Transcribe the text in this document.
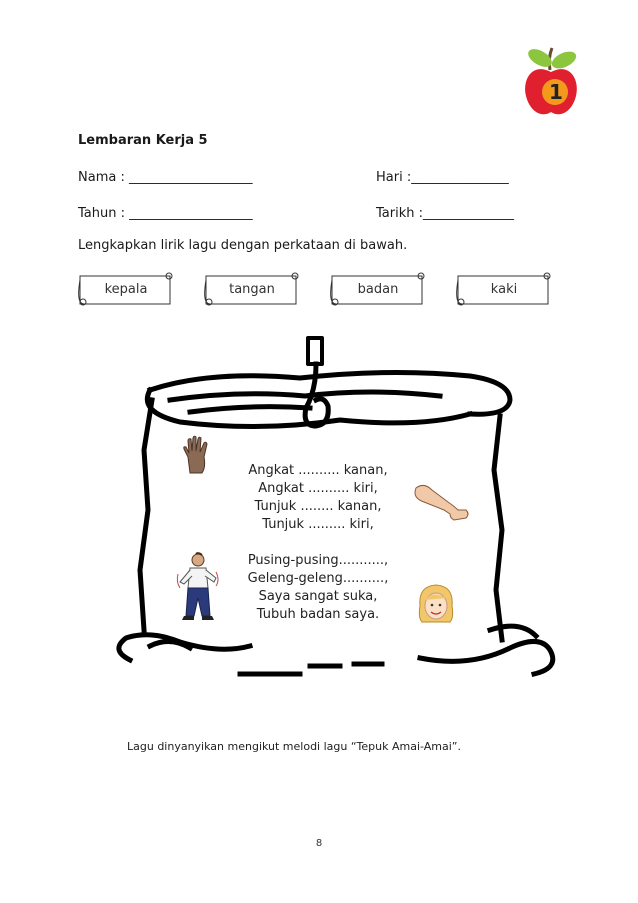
1
Lembaran Kerja 5
Nama : ___________________	Hari :_______________
Tahun : ___________________	Tarikh :______________
Lengkapkan lirik lagu dengan perkataan di bawah.
kepala	tangan	badan	kaki
Angkat .......... kanan,
Angkat .......... kiri,
Tunjuk ........ kanan,
Tunjuk ......... kiri,
Pusing-pusing...........,
Geleng-geleng..........,
Saya sangat suka,
Tubuh badan saya.
Lagu dinyanyikan mengikut melodi lagu “Tepuk Amai-Amai”.
8
